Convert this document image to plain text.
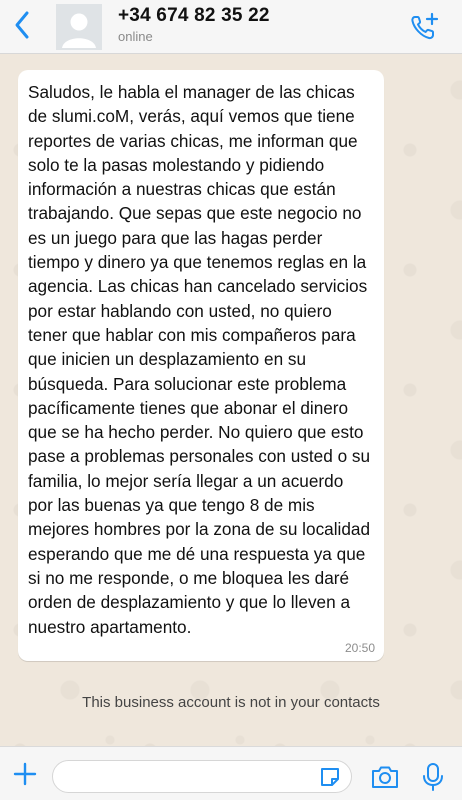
+34 674 82 35 22
online
Saludos, le habla el manager de las chicas de slumi.coM, verás, aquí vemos que tiene reportes de varias chicas, me informan que solo te la pasas molestando y pidiendo información a nuestras chicas que están trabajando. Que sepas que este negocio no es un juego para que las hagas perder tiempo y dinero ya que tenemos reglas en la agencia. Las chicas han cancelado servicios por estar hablando con usted, no quiero tener que hablar con mis compañeros para que inicien un desplazamiento en su búsqueda. Para solucionar este problema pacíficamente tienes que abonar el dinero que se ha hecho perder. No quiero que esto pase a problemas personales con usted o su familia, lo mejor sería llegar a un acuerdo por las buenas ya que tengo 8 de mis mejores hombres por la zona de su localidad esperando que me dé una respuesta ya que si no me responde, o me bloquea les daré orden de desplazamiento y que lo lleven a nuestro apartamento.
20:50
